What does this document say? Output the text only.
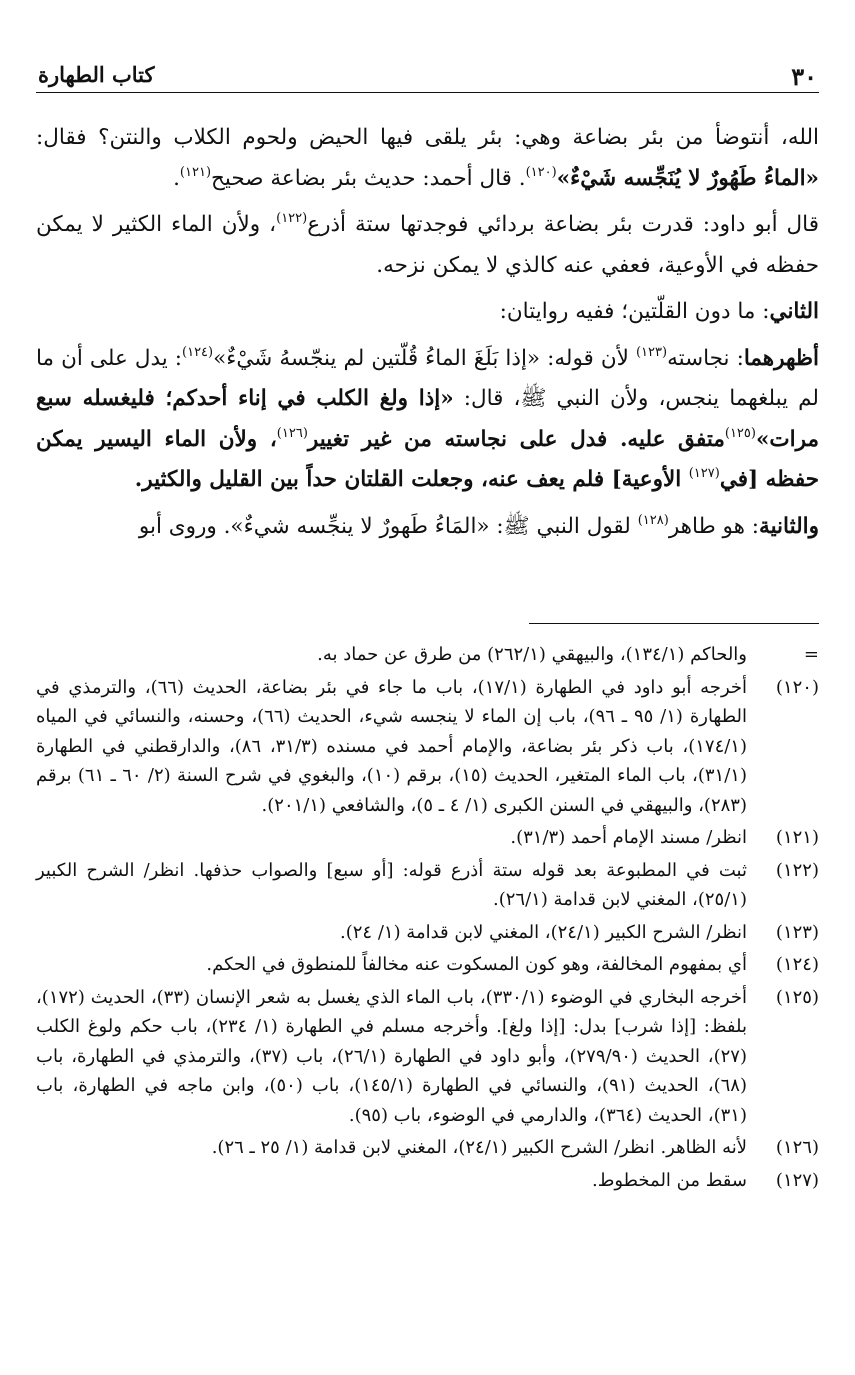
٣٠
كتاب الطهارة

الله، أنتوضأ من بئر بضاعة وهي: بئر يلقى فيها الحيض ولحوم الكلاب والنتن؟ فقال: «الماءُ طَهُورٌ لا يُنَجِّسه شَيْءٌ»$^{(١٢٠)}$. قال أحمد: حديث بئر بضاعة صحيح$^{(١٢١)}$.

قال أبو داود: قدرت بئر بضاعة بردائي فوجدتها ستة أذرع$^{(١٢٢)}$، ولأن الماء الكثير لا يمكن حفظه في الأوعية، فعفي عنه كالذي لا يمكن نزحه.

الثاني: ما دون القلّتين؛ ففيه روايتان:

أظهرهما: نجاسته$^{(١٢٣)}$ لأن قوله: «إذا بَلَغَ الماءُ قُلّتين لم ينجّسهُ شَيْءٌ»$^{(١٢٤)}$: يدل على أن ما لم يبلغهما ينجس، ولأن النبي ﷺ، قال: «إذا ولغ الكلب في إناء أحدكم؛ فليغسله سبع مرات»$^{(١٢٥)}$متفق عليه. فدل على نجاسته من غير تغيير$^{(١٢٦)}$، ولأن الماء اليسير يمكن حفظه [في$^{(١٢٧)}$ الأوعية] فلم يعف عنه، وجعلت القلتان حداً بين القليل والكثير.

والثانية: هو طاهر$^{(١٢٨)}$ لقول النبي ﷺ: «المَاءُ طَهورٌ لا ينجِّسه شيءٌ». وروى أبو

=
والحاكم (١٣٤/١)، والبيهقي (٢٦٢/١) من طرق عن حماد به.
(١٢٠)
أخرجه أبو داود في الطهارة (١٧/١)، باب ما جاء في بئر بضاعة، الحديث (٦٦)، والترمذي في الطهارة (١/ ٩٥ ـ ٩٦)، باب إن الماء لا ينجسه شيء، الحديث (٦٦)، وحسنه، والنسائي في المياه (١٧٤/١)، باب ذكر بئر بضاعة، والإمام أحمد في مسنده (٣١/٣، ٨٦)، والدارقطني في الطهارة (٣١/١)، باب الماء المتغير، الحديث (١٥)، برقم (١٠)، والبغوي في شرح السنة (٢/ ٦٠ ـ ٦١) برقم (٢٨٣)، والبيهقي في السنن الكبرى (١/ ٤ ـ ٥)، والشافعي (٢٠١/١).
(١٢١)
انظر/ مسند الإمام أحمد (٣١/٣).
(١٢٢)
ثبت في المطبوعة بعد قوله ستة أذرع قوله: [أو سبع] والصواب حذفها. انظر/ الشرح الكبير (٢٥/١)، المغني لابن قدامة (٢٦/١).
(١٢٣)
انظر/ الشرح الكبير (٢٤/١)، المغني لابن قدامة (١/ ٢٤).
(١٢٤)
أي بمفهوم المخالفة، وهو كون المسكوت عنه مخالفاً للمنطوق في الحكم.
(١٢٥)
أخرجه البخاري في الوضوء (٣٣٠/١)، باب الماء الذي يغسل به شعر الإنسان (٣٣)، الحديث (١٧٢)، بلفظ: [إذا شرب] بدل: [إذا ولغ]. وأخرجه مسلم في الطهارة (١/ ٢٣٤)، باب حكم ولوغ الكلب (٢٧)، الحديث (٢٧٩/٩٠)، وأبو داود في الطهارة (٢٦/١)، باب (٣٧)، والترمذي في الطهارة، باب (٦٨)، الحديث (٩١)، والنسائي في الطهارة (١٤٥/١)، باب (٥٠)، وابن ماجه في الطهارة، باب (٣١)، الحديث (٣٦٤)، والدارمي في الوضوء، باب (٩٥).
(١٢٦)
لأنه الظاهر. انظر/ الشرح الكبير (٢٤/١)، المغني لابن قدامة (١/ ٢٥ ـ ٢٦).
(١٢٧)
سقط من المخطوط.
